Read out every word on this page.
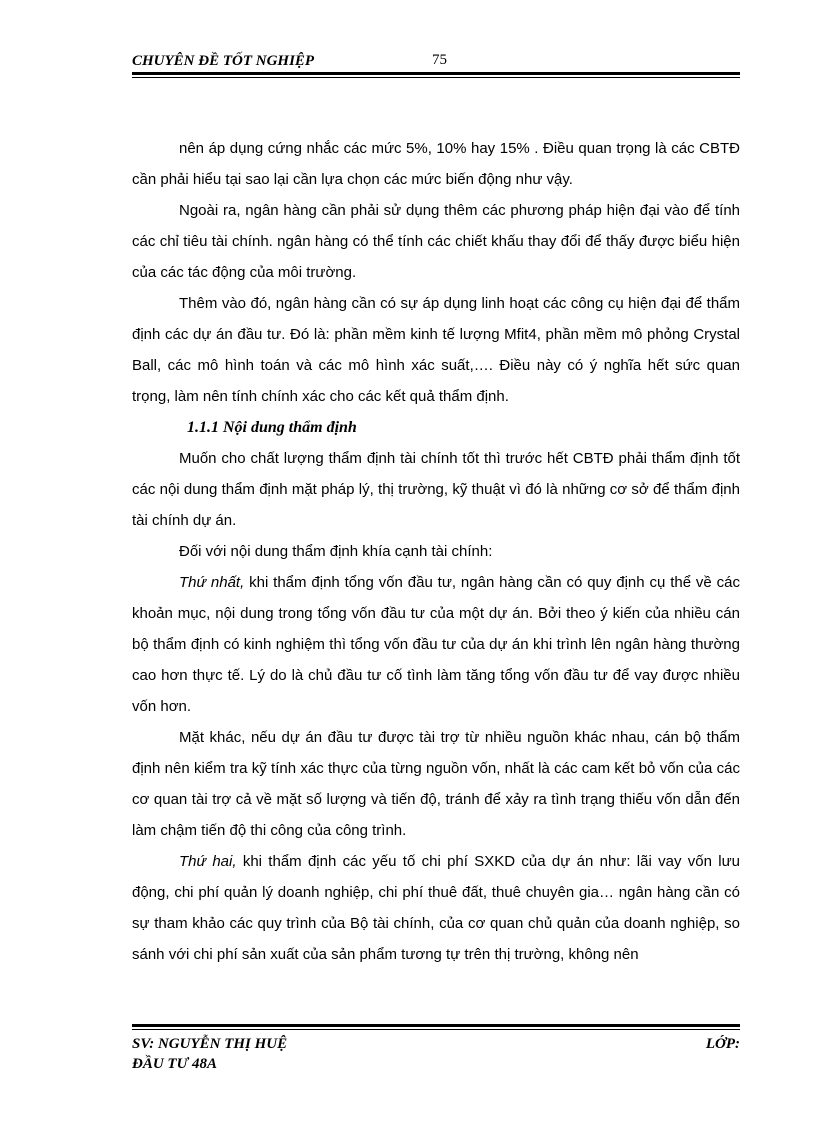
CHUYÊN ĐỀ TỐT NGHIỆP	75

nên áp dụng cứng nhắc các mức 5%, 10% hay 15% . Điều quan trọng là các CBTĐ cần phải hiểu tại sao lại cần lựa chọn các mức biến động như vậy.

Ngoài ra, ngân hàng cần phải sử dụng thêm các phương pháp hiện đại vào để tính các chỉ tiêu tài chính. ngân hàng có thể tính các chiết khấu thay đổi để thấy được biểu hiện của các tác động của môi trường.

Thêm vào đó, ngân hàng cần có sự áp dụng linh hoạt các công cụ hiện đại để thẩm định các dự án đầu tư. Đó là: phần mềm kinh tế lượng Mfit4, phần mềm mô phỏng Crystal Ball, các mô hình toán và các mô hình xác suất,…. Điều này có ý nghĩa hết sức quan trọng, làm nên tính chính xác cho các kết quả thẩm định.

1.1.1 Nội dung thẩm định

Muốn cho chất lượng thẩm định tài chính tốt thì trước hết CBTĐ phải thẩm định tốt các nội dung thẩm định mặt pháp lý, thị trường, kỹ thuật vì đó là những cơ sở để thẩm định tài chính dự án.

Đối với nội dung thẩm định khía cạnh tài chính:

Thứ nhất, khi thẩm định tổng vốn đầu tư, ngân hàng cần có quy định cụ thể về các khoản mục, nội dung trong tổng vốn đầu tư của một dự án. Bởi theo ý kiến của nhiều cán bộ thẩm định có kinh nghiệm thì tổng vốn đầu tư của dự án khi trình lên ngân hàng thường cao hơn thực tế. Lý do là chủ đầu tư cố tình làm tăng tổng vốn đầu tư để vay được nhiều vốn hơn.

Mặt khác, nếu dự án đầu tư được tài trợ từ nhiều nguồn khác nhau, cán bộ thẩm định nên kiểm tra kỹ tính xác thực của từng nguồn vốn, nhất là các cam kết bỏ vốn của các cơ quan tài trợ cả về mặt số lượng và tiến độ, tránh để xảy ra tình trạng thiếu vốn dẫn đến làm chậm tiến độ thi công của công trình.

Thứ hai, khi thẩm định các yếu tố chi phí SXKD của dự án như: lãi vay vốn lưu động, chi phí quản lý doanh nghiệp, chi phí thuê đất, thuê chuyên gia… ngân hàng cần có sự tham khảo các quy trình của Bộ tài chính, của cơ quan chủ quản của doanh nghiệp, so sánh với chi phí sản xuất của sản phẩm tương tự trên thị trường, không nên

SV: NGUYỄN THỊ HUỆ
ĐẦU TƯ 48A
LỚP:
